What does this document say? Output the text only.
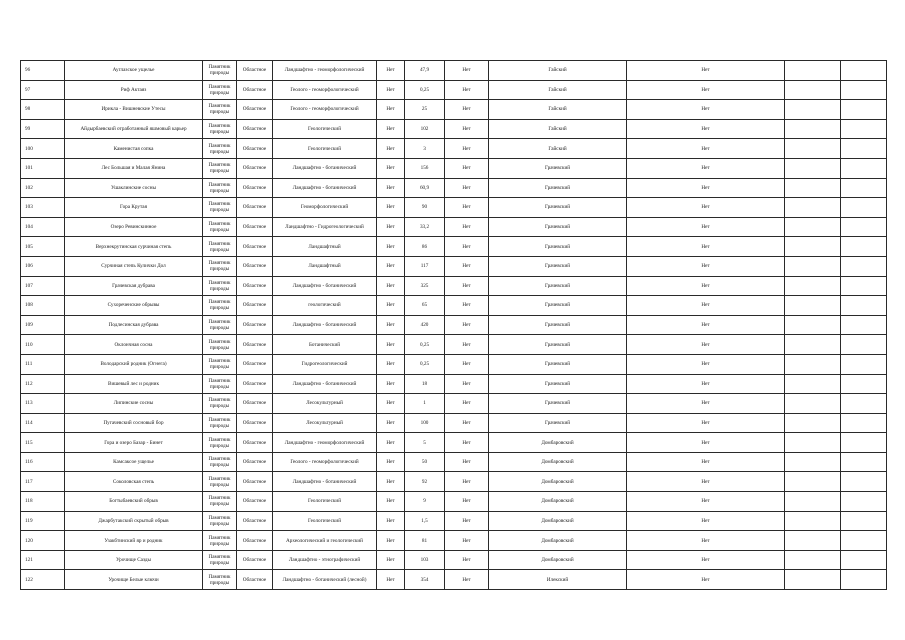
96	Ауглазское ущелье	Памятник природы	Областное	Ландшафтно - геоморфологический	Нет	47,9	Нет	Гайский	Нет		
97	Риф Актаяз	Памятник природы	Областное	Геолого - геоморфологический	Нет	0,25	Нет	Гайский	Нет		
98	Ириклa - Вишневские Утесы	Памятник природы	Областное	Геолого - геоморфологический	Нет	25	Нет	Гайский	Нет		
99	Айдырбаевский отработанный яшмовый карьер	Памятник природы	Областное	Геологический	Нет	102	Нет	Гайский	Нет		
100	Каменистая сопка	Памятник природы	Областное	Геологический	Нет	3	Нет	Гайский	Нет		
101	Лес Большая и Малая Янина	Памятник природы	Областное	Ландшафтно - ботанический	Нет	156	Нет	Грачевский	Нет		
102	Ушаклинские сосны	Памятник природы	Областное	Ландшафтно - ботанический	Нет	60,9	Нет	Грачевский	Нет		
103	Гора Крутая	Памятник природы	Областное	Геоморфологический	Нет	90	Нет	Грачевский	Нет		
104	Озеро Ревинскинное	Памятник природы	Областное	Ландшафтно - Гидрогеологический	Нет	33,2	Нет	Грачевский	Нет		
105	Верхнекрутинская сурчиная степь	Памятник природы	Областное	Ландшафтный	Нет	86	Нет	Грачевский	Нет		
106	Сурчиная степь Кулички Дол	Памятник природы	Областное	Ландшафтный	Нет	117	Нет	Грачевский	Нет		
107	Грачевская дубрава	Памятник природы	Областное	Ландшафтно - ботанический	Нет	325	Нет	Грачевский	Нет		
108	Сухореченские обрывы	Памятник природы	Областное	геологический	Нет	65	Нет	Грачевский	Нет		
109	Подлесинская дубрава	Памятник природы	Областное	Ландшафтно - ботанический	Нет	420	Нет	Грачевский	Нет		
110	Оклончная сосна	Памятник природы	Областное	Ботанический	Нет	0,25	Нет	Грачевский	Нет		
111	Володарский родник (Огнега)	Памятник природы	Областное	Гидрогеологический	Нет	0,25	Нет	Грачевский	Нет		
112	Вишевый лес и родник	Памятник природы	Областное	Ландшафтно - ботанический	Нет	18	Нет	Грачевский	Нет		
113	Липинские сосны	Памятник природы	Областное	Лесокультурный	Нет	1	Нет	Грачевский	Нет		
114	Пугачевский сосновый бор	Памятник природы	Областное	Лесокультурный	Нет	100	Нет	Грачевский	Нет		
115	Гора и озеро Базар - Бинет	Памятник природы	Областное	Ландшафтно - геоморфологический	Нет	5	Нет	Домбаровский	Нет		
116	Камсаксое ущелье	Памятник природы	Областное	Геолого - геоморфологический	Нет	50	Нет	Домбаровский	Нет		
117	Соколовская степь	Памятник природы	Областное	Ландшафтно - ботанический	Нет	92	Нет	Домбаровский	Нет		
118	Богтыбаевский обрыв	Памятник природы	Областное	Геологический	Нет	9	Нет	Домбаровский	Нет		
119	Джарбутакский скрытый обрыв	Памятник природы	Областное	Геологический	Нет	1,5	Нет	Домбаровский	Нет		
120	Узакбтинский яр и родник	Памятник природы	Областное	Археологический и геологический	Нет	81	Нет	Домбаровский	Нет		
121	Урочище Сазды	Памятник природы	Областное	Ландшафтно - этнографический	Нет	103	Нет	Домбаровский	Нет		
122	Урочище Белые ключи	Памятник природы	Областное	Ландшафтно - ботанический (лесной)	Нет	354	Нет	Илекский	Нет		
